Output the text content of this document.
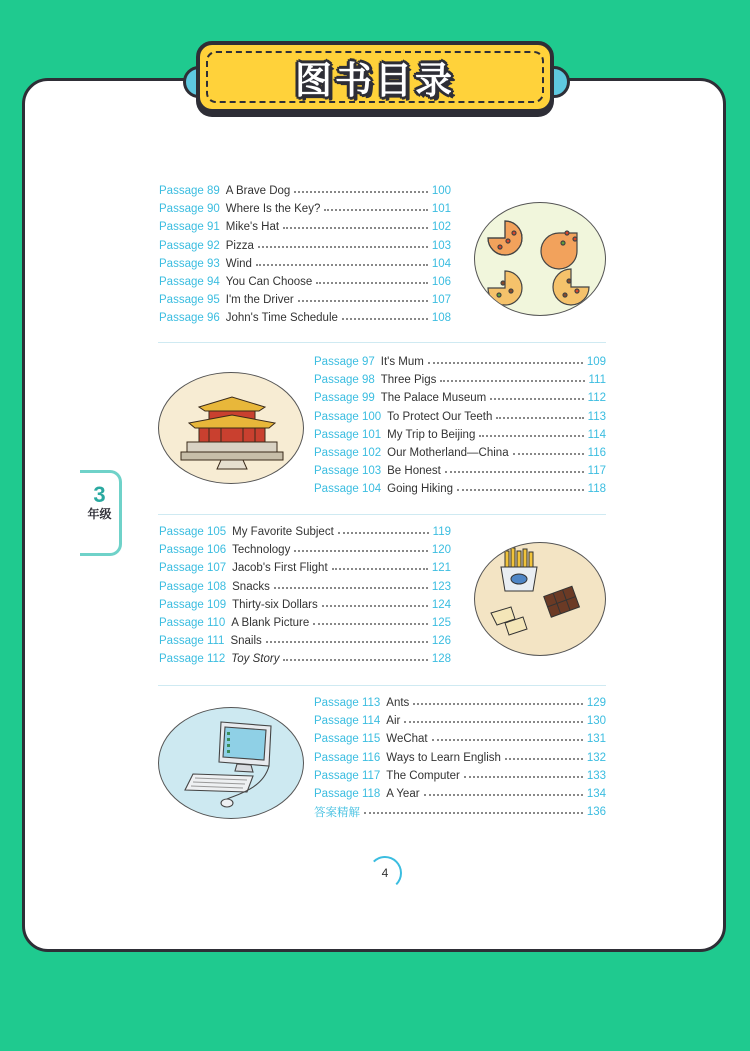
图书目录
3
年级
Passage 89 A Brave Dog	100
Passage 90 Where Is the Key?	101
Passage 91 Mike's Hat	102
Passage 92 Pizza	103
Passage 93 Wind	104
Passage 94 You Can Choose	106
Passage 95 I'm the Driver	107
Passage 96 John's Time Schedule	108
Passage 97 It's Mum	109
Passage 98 Three Pigs	111
Passage 99 The Palace Museum	112
Passage 100 To Protect Our Teeth	113
Passage 101 My Trip to Beijing	114
Passage 102 Our Motherland—China	116
Passage 103 Be Honest	117
Passage 104 Going Hiking	118
Passage 105 My Favorite Subject	119
Passage 106 Technology	120
Passage 107 Jacob's First Flight	121
Passage 108 Snacks	123
Passage 109 Thirty-six Dollars	124
Passage 110 A Blank Picture	125
Passage 111 Snails	126
Passage 112 Toy Story	128
Passage 113 Ants	129
Passage 114 Air	130
Passage 115 WeChat	131
Passage 116 Ways to Learn English	132
Passage 117 The Computer	133
Passage 118 A Year	134
答案精解	136
4
